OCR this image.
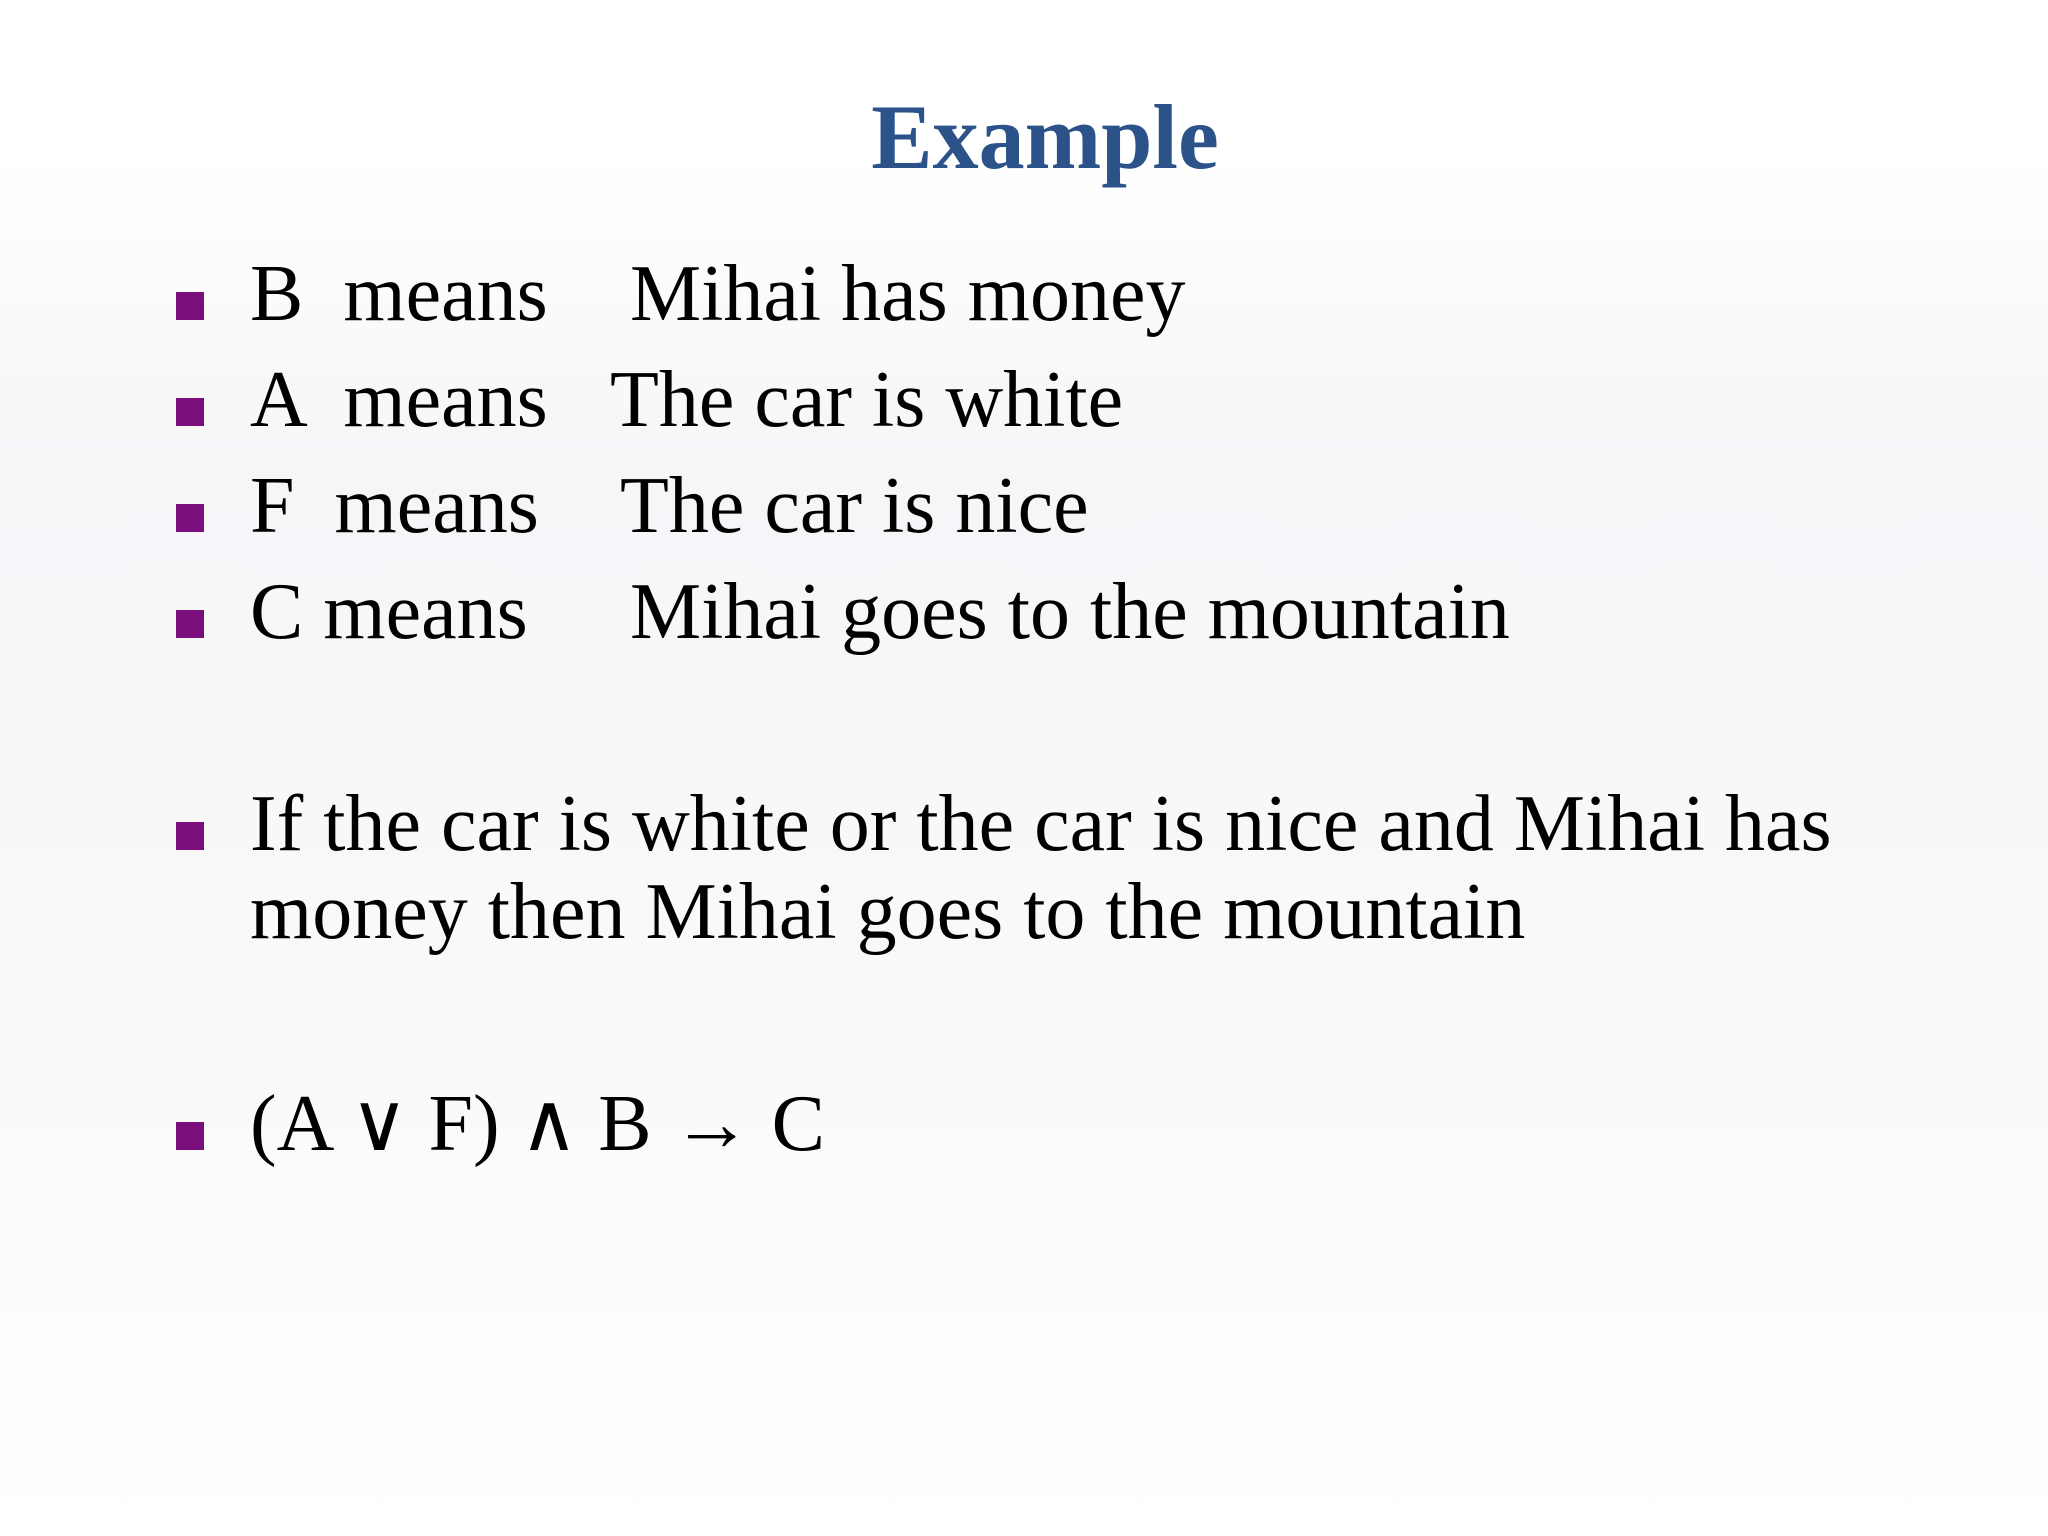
Example
B  means Mihai has money
A  means The car is white
F  means The car is nice
C means Mihai goes to the mountain
If the car is white or the car is nice and Mihai has
money then Mihai goes to the mountain
(A ∨ F) ∧ B → C
